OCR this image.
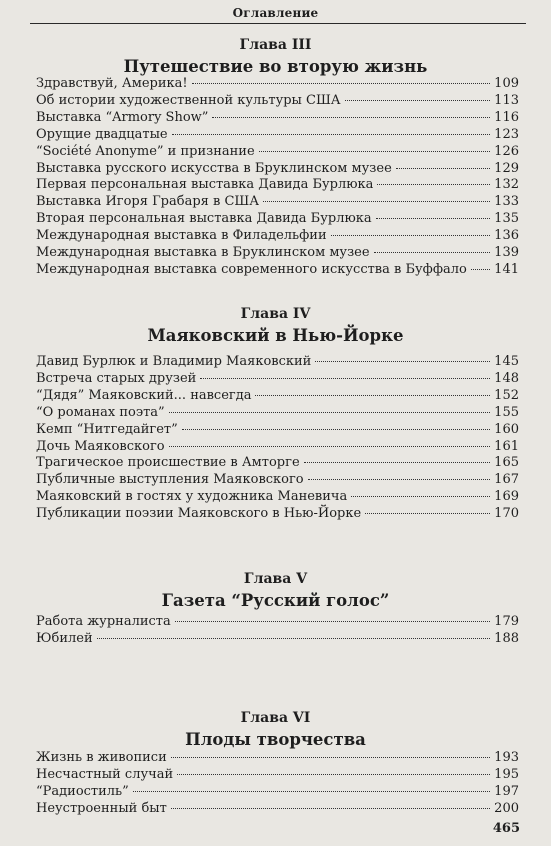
Оглавление
Глава III
Путешествие во вторую жизнь
Здравствуй, Америка!	109
Об истории художественной культуры США	113
Выставка “Armory Show”	116
Орущие двадцатые	123
“Société Anonyme” и признание	126
Выставка русского искусства в Бруклинском музее	129
Первая персональная выставка Давида Бурлюка	132
Выставка Игоря Грабаря в США	133
Вторая персональная выставка Давида Бурлюка	135
Международная выставка в Филадельфии	136
Международная выставка в Бруклинском музее	139
Международная выставка современного искусства в Буффало 141
Глава IV
Маяковский в Нью-Йорке
Давид Бурлюк и Владимир Маяковский	145
Встреча старых друзей	148
“Дядя” Маяковский... навсегда	152
“О романах поэта”	155
Кемп “Нитгедайгет”	160
Дочь Маяковского	161
Трагическое происшествие в Амторге	165
Публичные выступления Маяковского	167
Маяковский в гостях у художника Маневича	169
Публикации поэзии Маяковского в Нью-Йорке	170
Глава V
Газета “Русский голос”
Работа журналиста	179
Юбилей	188
Глава VI
Плоды творчества
Жизнь в живописи	193
Несчастный случай	195
“Радиостиль”	197
Неустроенный быт	200
465
